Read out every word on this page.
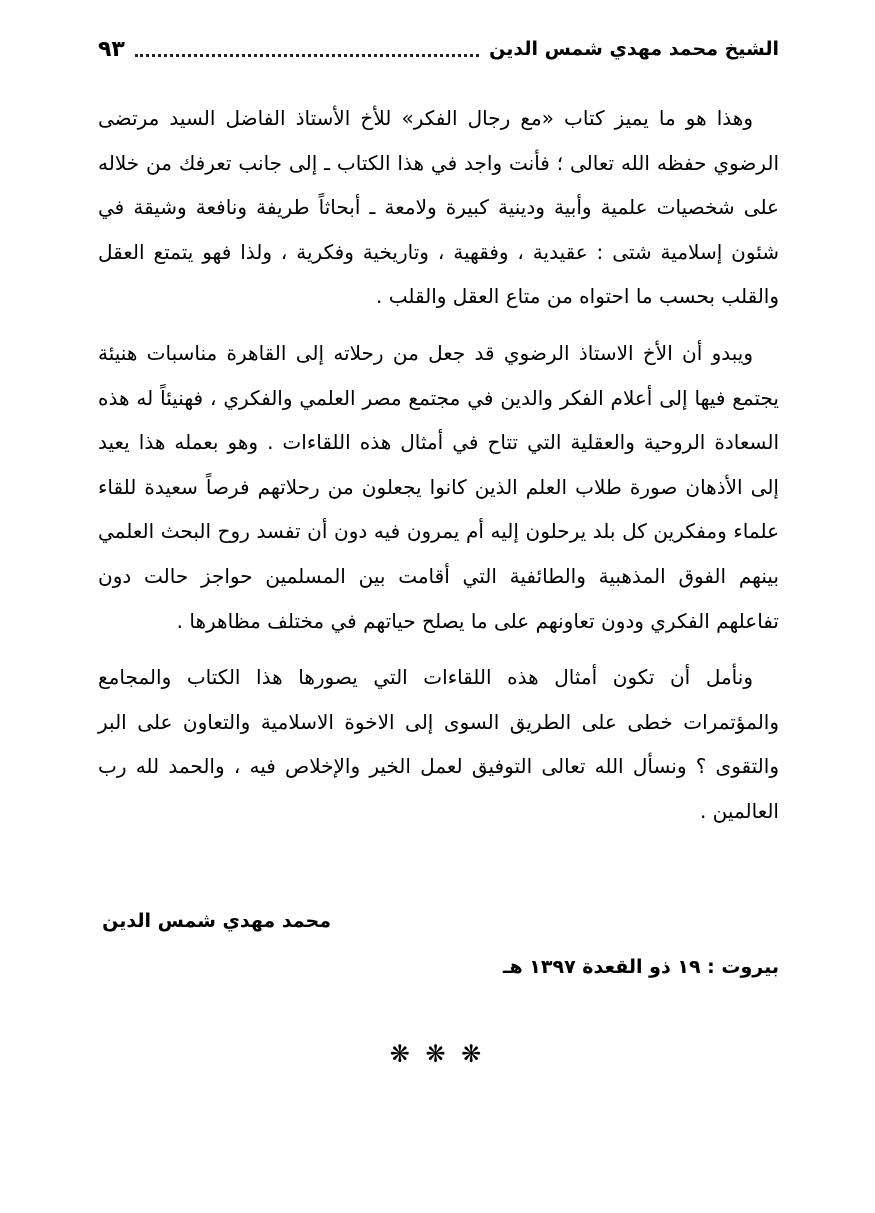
الشيخ محمد مهدي شمس الدين
٩٣

وهذا هو ما يميز كتاب «مع رجال الفكر» للأخ الأستاذ الفاضل السيد مرتضى الرضوي حفظه الله تعالى ؛ فأنت واجد في هذا الكتاب ـ إلى جانب تعرفك من خلاله على شخصيات علمية وأبية ودينية كبيرة ولامعة ـ أبحاثاً طريفة ونافعة وشيقة في شئون إسلامية شتى : عقيدية ، وفقهية ، وتاريخية وفكرية ، ولذا فهو يتمتع العقل والقلب بحسب ما احتواه من متاع العقل والقلب .

ويبدو أن الأخ الاستاذ الرضوي قد جعل من رحلاته إلى القاهرة مناسبات هنيئة يجتمع فيها إلى أعلام الفكر والدين في مجتمع مصر العلمي والفكري ، فهنيئاً له هذه السعادة الروحية والعقلية التي تتاح في أمثال هذه اللقاءات . وهو بعمله هذا يعيد إلى الأذهان صورة طلاب العلم الذين كانوا يجعلون من رحلاتهم فرصاً سعيدة للقاء علماء ومفكرين كل بلد يرحلون إليه أم يمرون فيه دون أن تفسد روح البحث العلمي بينهم الفوق المذهبية والطائفية التي أقامت بين المسلمين حواجز حالت دون تفاعلهم الفكري ودون تعاونهم على ما يصلح حياتهم في مختلف مظاهرها .

ونأمل أن تكون أمثال هذه اللقاءات التي يصورها هذا الكتاب والمجامع والمؤتمرات خطى على الطريق السوى إلى الاخوة الاسلامية والتعاون على البر والتقوى ؟ ونسأل الله تعالى التوفيق لعمل الخير والإخلاص فيه ، والحمد لله رب العالمين .

محمد مهدي شمس الدين
بيروت : ١٩ ذو القعدة ١٣٩٧ هـ
❋ ❋ ❋
